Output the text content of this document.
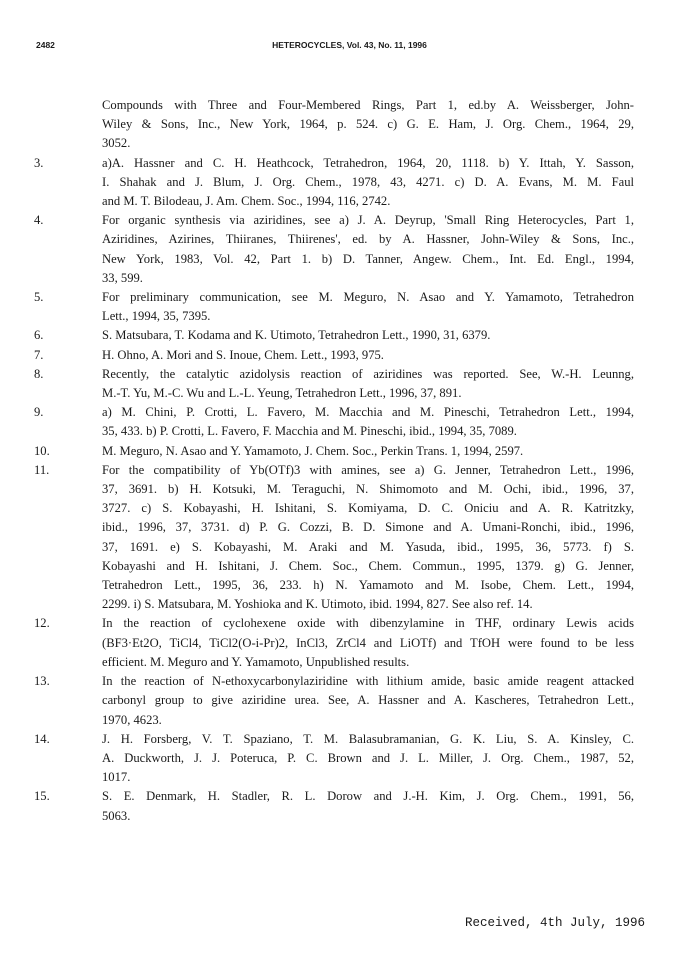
2482	HETEROCYCLES, Vol. 43, No. 11, 1996
Compounds with Three and Four-Membered Rings, Part 1, ed.by A. Weissberger, John-
Wiley & Sons, Inc., New York, 1964, p. 524. c) G. E. Ham, J. Org. Chem., 1964, 29,
3052.
3.	a)A. Hassner and C. H. Heathcock, Tetrahedron, 1964, 20, 1118. b) Y. Ittah, Y. Sasson,
I. Shahak and J. Blum, J. Org. Chem., 1978, 43, 4271. c) D. A. Evans, M. M. Faul
and M. T. Bilodeau, J. Am. Chem. Soc., 1994, 116, 2742.
4.	For organic synthesis via aziridines, see a) J. A. Deyrup, 'Small Ring Heterocycles, Part 1,
Aziridines, Azirines, Thiiranes, Thiirenes', ed. by A. Hassner, John-Wiley & Sons, Inc.,
New York, 1983, Vol. 42, Part 1. b) D. Tanner, Angew. Chem., Int. Ed. Engl., 1994,
33, 599.
5.	For preliminary communication, see M. Meguro, N. Asao and Y. Yamamoto, Tetrahedron
Lett., 1994, 35, 7395.
6.	S. Matsubara, T. Kodama and K. Utimoto, Tetrahedron Lett., 1990, 31, 6379.
7.	H. Ohno, A. Mori and S. Inoue, Chem. Lett., 1993, 975.
8.	Recently, the catalytic azidolysis reaction of aziridines was reported. See, W.-H. Leunng,
M.-T. Yu, M.-C. Wu and L.-L. Yeung, Tetrahedron Lett., 1996, 37, 891.
9.	a) M. Chini, P. Crotti, L. Favero, M. Macchia and M. Pineschi, Tetrahedron Lett., 1994,
35, 433. b) P. Crotti, L. Favero, F. Macchia and M. Pineschi, ibid., 1994, 35, 7089.
10.	M. Meguro, N. Asao and Y. Yamamoto, J. Chem. Soc., Perkin Trans. 1, 1994, 2597.
11.	For the compatibility of Yb(OTf)3 with amines, see a) G. Jenner, Tetrahedron Lett., 1996,
37, 3691. b) H. Kotsuki, M. Teraguchi, N. Shimomoto and M. Ochi, ibid., 1996, 37,
3727. c) S. Kobayashi, H. Ishitani, S. Komiyama, D. C. Oniciu and A. R. Katritzky,
ibid., 1996, 37, 3731. d) P. G. Cozzi, B. D. Simone and A. Umani-Ronchi, ibid., 1996,
37, 1691. e) S. Kobayashi, M. Araki and M. Yasuda, ibid., 1995, 36, 5773. f) S.
Kobayashi and H. Ishitani, J. Chem. Soc., Chem. Commun., 1995, 1379. g) G. Jenner,
Tetrahedron Lett., 1995, 36, 233. h) N. Yamamoto and M. Isobe, Chem. Lett., 1994,
2299. i) S. Matsubara, M. Yoshioka and K. Utimoto, ibid. 1994, 827. See also ref. 14.
12.	In the reaction of cyclohexene oxide with dibenzylamine in THF, ordinary Lewis acids
(BF3·Et2O, TiCl4, TiCl2(O-i-Pr)2, InCl3, ZrCl4 and LiOTf) and TfOH were found to be less
efficient. M. Meguro and Y. Yamamoto, Unpublished results.
13.	In the reaction of N-ethoxycarbonylaziridine with lithium amide, basic amide reagent attacked
carbonyl group to give aziridine urea. See, A. Hassner and A. Kascheres, Tetrahedron Lett.,
1970, 4623.
14.	J. H. Forsberg, V. T. Spaziano, T. M. Balasubramanian, G. K. Liu, S. A. Kinsley, C.
A. Duckworth, J. J. Poteruca, P. C. Brown and J. L. Miller, J. Org. Chem., 1987, 52,
1017.
15.	S. E. Denmark, H. Stadler, R. L. Dorow and J.-H. Kim, J. Org. Chem., 1991, 56,
5063.
Received, 4th July, 1996
